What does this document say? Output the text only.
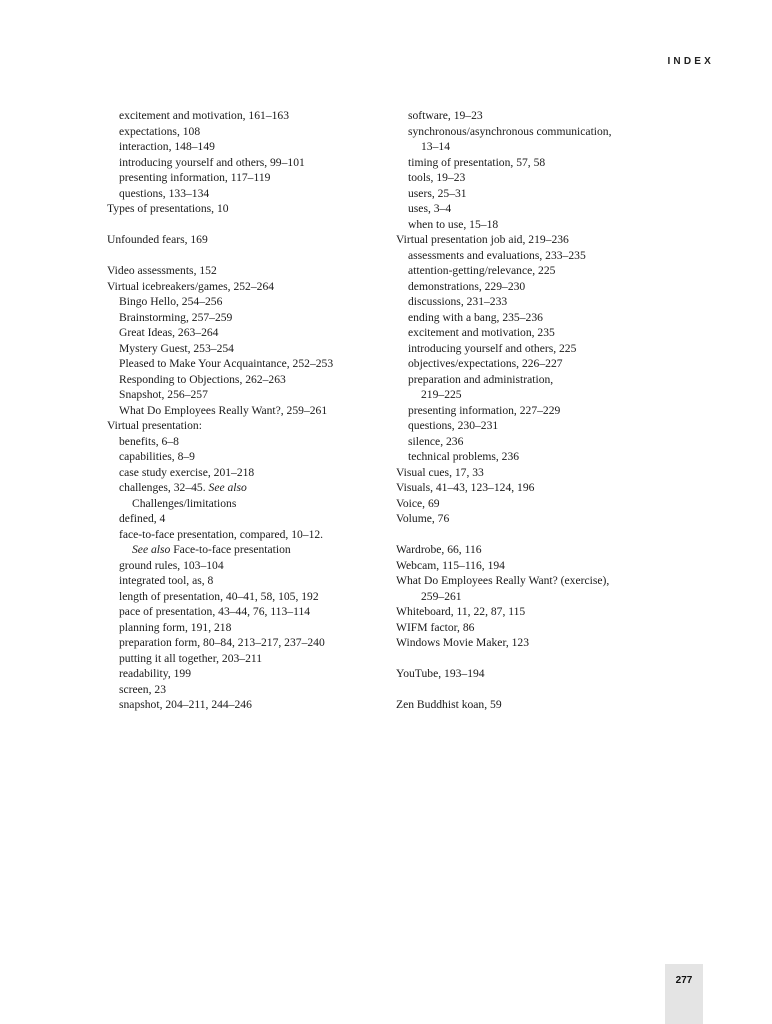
INDEX
excitement and motivation, 161–163
expectations, 108
interaction, 148–149
introducing yourself and others, 99–101
presenting information, 117–119
questions, 133–134
Types of presentations, 10
Unfounded fears, 169
Video assessments, 152
Virtual icebreakers/games, 252–264
Bingo Hello, 254–256
Brainstorming, 257–259
Great Ideas, 263–264
Mystery Guest, 253–254
Pleased to Make Your Acquaintance, 252–253
Responding to Objections, 262–263
Snapshot, 256–257
What Do Employees Really Want?, 259–261
Virtual presentation:
benefits, 6–8
capabilities, 8–9
case study exercise, 201–218
challenges, 32–45. See also
Challenges/limitations
defined, 4
face-to-face presentation, compared, 10–12.
See also Face-to-face presentation
ground rules, 103–104
integrated tool, as, 8
length of presentation, 40–41, 58, 105, 192
pace of presentation, 43–44, 76, 113–114
planning form, 191, 218
preparation form, 80–84, 213–217, 237–240
putting it all together, 203–211
readability, 199
screen, 23
snapshot, 204–211, 244–246
software, 19–23
synchronous/asynchronous communication,
13–14
timing of presentation, 57, 58
tools, 19–23
users, 25–31
uses, 3–4
when to use, 15–18
Virtual presentation job aid, 219–236
assessments and evaluations, 233–235
attention-getting/relevance, 225
demonstrations, 229–230
discussions, 231–233
ending with a bang, 235–236
excitement and motivation, 235
introducing yourself and others, 225
objectives/expectations, 226–227
preparation and administration,
219–225
presenting information, 227–229
questions, 230–231
silence, 236
technical problems, 236
Visual cues, 17, 33
Visuals, 41–43, 123–124, 196
Voice, 69
Volume, 76
Wardrobe, 66, 116
Webcam, 115–116, 194
What Do Employees Really Want? (exercise),
259–261
Whiteboard, 11, 22, 87, 115
WIFM factor, 86
Windows Movie Maker, 123
YouTube, 193–194
Zen Buddhist koan, 59
277
